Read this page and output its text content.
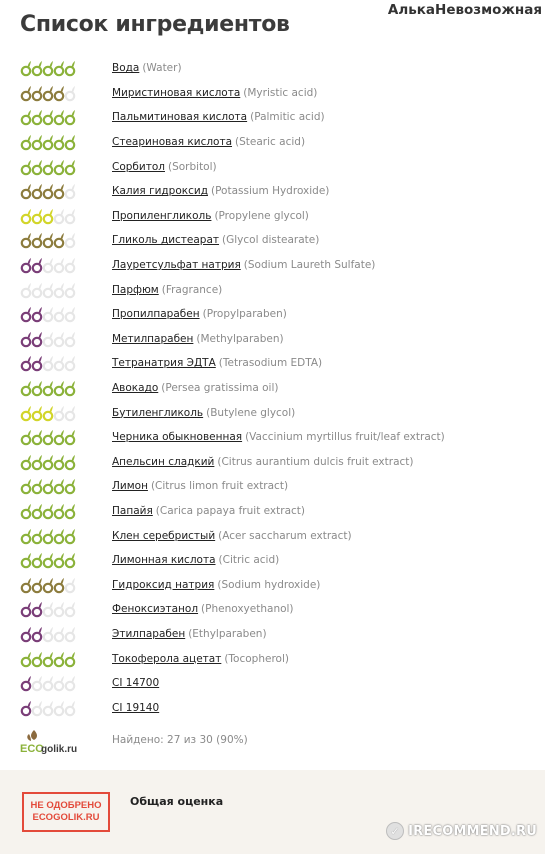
Список ингредиентов
АлькаНевозможная
Вода (Water)
Миристиновая кислота (Myristic acid)
Пальмитиновая кислота (Palmitic acid)
Стеариновая кислота (Stearic acid)
Сорбитол (Sorbitol)
Калия гидроксид (Potassium Hydroxide)
Пропиленгликоль (Propylene glycol)
Гликоль дистеарат (Glycol distearate)
Лауретсульфат натрия (Sodium Laureth Sulfate)
Парфюм (Fragrance)
Пропилпарабен (Propylparaben)
Метилпарабен (Methylparaben)
Тетранатрия ЭДТА (Tetrasodium EDTA)
Авокадо (Persea gratissima oil)
Бутиленгликоль (Butylene glycol)
Черника обыкновенная (Vaccinium myrtillus fruit/leaf extract)
Апельсин сладкий (Citrus aurantium dulcis fruit extract)
Лимон (Citrus limon fruit extract)
Папайя (Carica papaya fruit extract)
Клен серебристый (Acer saccharum extract)
Лимонная кислота (Citric acid)
Гидроксид натрия (Sodium hydroxide)
Феноксиэтанол (Phenoxyethanol)
Этилпарабен (Ethylparaben)
Токоферола ацетат (Tocopherol)
CI 14700
CI 19140
ECO
golik.ru
Найдено: 27 из 30 (90%)
НЕ ОДОБРЕНО
ECOGOLIK.RU
Общая оценка
✓ IRECOMMEND.RU
